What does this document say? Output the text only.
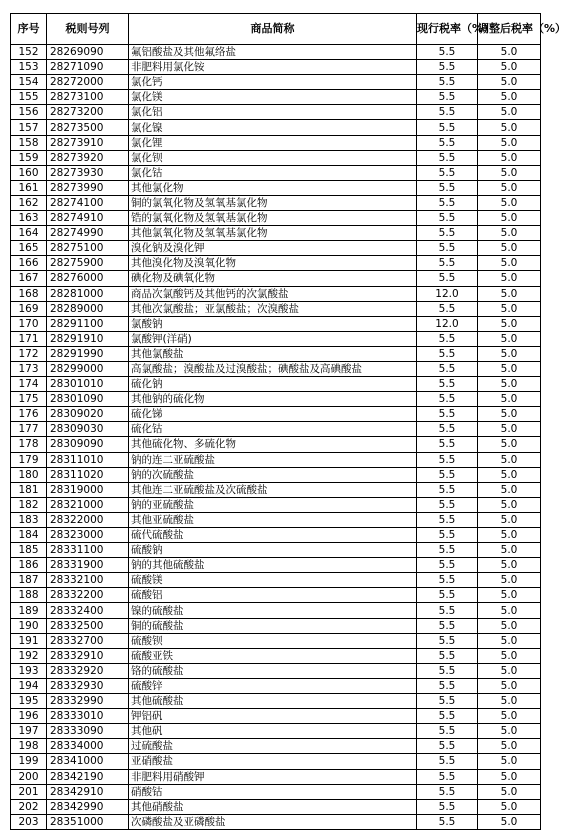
序号	税则号列	商品简称	现行税率（%）	调整后税率（%）
152	28269090	氟铝酸盐及其他氟络盐	5.5	5.0
153	28271090	非肥料用氯化铵	5.5	5.0
154	28272000	氯化钙	5.5	5.0
155	28273100	氯化镁	5.5	5.0
156	28273200	氯化铝	5.5	5.0
157	28273500	氯化镍	5.5	5.0
158	28273910	氯化锂	5.5	5.0
159	28273920	氯化钡	5.5	5.0
160	28273930	氯化钴	5.5	5.0
161	28273990	其他氯化物	5.5	5.0
162	28274100	铜的氯氧化物及氢氧基氯化物	5.5	5.0
163	28274910	锆的氯氧化物及氢氧基氯化物	5.5	5.0
164	28274990	其他氯氧化物及氢氧基氯化物	5.5	5.0
165	28275100	溴化钠及溴化钾	5.5	5.0
166	28275900	其他溴化物及溴氧化物	5.5	5.0
167	28276000	碘化物及碘氧化物	5.5	5.0
168	28281000	商品次氯酸钙及其他钙的次氯酸盐	12.0	5.0
169	28289000	其他次氯酸盐；亚氯酸盐；次溴酸盐	5.5	5.0
170	28291100	氯酸钠	12.0	5.0
171	28291910	氯酸钾(洋硝)	5.5	5.0
172	28291990	其他氯酸盐	5.5	5.0
173	28299000	高氯酸盐；溴酸盐及过溴酸盐；碘酸盐及高碘酸盐	5.5	5.0
174	28301010	硫化钠	5.5	5.0
175	28301090	其他钠的硫化物	5.5	5.0
176	28309020	硫化锑	5.5	5.0
177	28309030	硫化钴	5.5	5.0
178	28309090	其他硫化物、多硫化物	5.5	5.0
179	28311010	钠的连二亚硫酸盐	5.5	5.0
180	28311020	钠的次硫酸盐	5.5	5.0
181	28319000	其他连二亚硫酸盐及次硫酸盐	5.5	5.0
182	28321000	钠的亚硫酸盐	5.5	5.0
183	28322000	其他亚硫酸盐	5.5	5.0
184	28323000	硫代硫酸盐	5.5	5.0
185	28331100	硫酸钠	5.5	5.0
186	28331900	钠的其他硫酸盐	5.5	5.0
187	28332100	硫酸镁	5.5	5.0
188	28332200	硫酸铝	5.5	5.0
189	28332400	镍的硫酸盐	5.5	5.0
190	28332500	铜的硫酸盐	5.5	5.0
191	28332700	硫酸钡	5.5	5.0
192	28332910	硫酸亚铁	5.5	5.0
193	28332920	铬的硫酸盐	5.5	5.0
194	28332930	硫酸锌	5.5	5.0
195	28332990	其他硫酸盐	5.5	5.0
196	28333010	钾铝矾	5.5	5.0
197	28333090	其他矾	5.5	5.0
198	28334000	过硫酸盐	5.5	5.0
199	28341000	亚硝酸盐	5.5	5.0
200	28342190	非肥料用硝酸钾	5.5	5.0
201	28342910	硝酸钴	5.5	5.0
202	28342990	其他硝酸盐	5.5	5.0
203	28351000	次磷酸盐及亚磷酸盐	5.5	5.0
